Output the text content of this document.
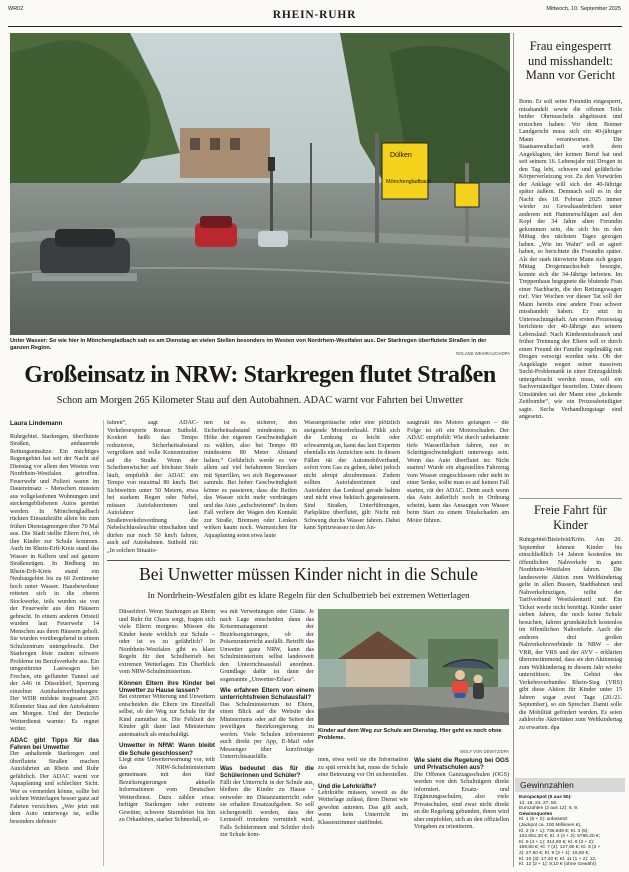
WR02	RHEIN-RUHR	Mittwoch, 10. September 2025
Dülken
Mönchengladbach
Unter Wasser: So wie hier in Mönchengladbach sah es am Dienstag an vielen Stellen besonders im Westen von Nordrhein-Westfalen aus. Der Starkregen überflutete Straßen in der ganzen Region.
ROLAND WEIHRAUCH/DPA
Großeinsatz in NRW: Starkregen flutet Straßen
Schon am Morgen 265 Kilometer Stau auf den Autobahnen. ADAC warnt vor Fahrten bei Unwetter
Laura Lindemann
Ruhrgebiet. Starkregen, überflutete Straßen, andauernde Rettungseinsätze: Ein mächtiges Regengebiet hat seit der Nacht auf Dienstag vor allem den Westen von Nordrhein-Westfalen getroffen. Feuerwehr und Polizei waren im Dauereinsatz – Menschen mussten aus vollgelaufenen Wohnungen und steckengebliebenen Autos gerettet werden. In Mönchengladbach rückten Einsatzkräfte allein bis zum frühen Dienstagmorgen über 70 Mal aus. Die Stadt stellte Eltern frei, ob ihre Kinder zur Schule kommen. Auch im Rhein-Erft-Kreis stand das Wasser in Kellern und auf ganzen Straßenzügen. In Bedburg im Rhein-Erft-Kreis stand ein Neubaugebiet bis zu 60 Zentimeter hoch unter Wasser. Hausbewohner retteten sich in die oberen Stockwerke, teils wurden sie von der Feuerwehr aus den Häusern gebracht. In einem anderen Ortsteil wurden laut Feuerwehr 14 Menschen aus ihren Häusern geholt. Sie wurden vorübergehend in einem Schulzentrum untergebracht. Der Starkregen löste zudem schwere Probleme im Berufsverkehr aus. Ein umgestürzter Lastwagen bei Frechen, ein gefluteter Tunnel auf der A46 in Düsseldorf, Sperrung einzelner Autobahnverbindungen: Der WDR meldete insgesamt 265 Kilometer Stau auf den Autobahnen am Morgen. Und der Deutsche Wetterdienst warnte: Es regnet weiter.
ADAC gibt Tipps für das Fahren bei Unwetter
Der anhaltende Starkregen und überflutete Straßen machen Autofahrten an Rhein und Ruhr gefährlich. Der ADAC warnt vor Aquaplaning und schlechter Sicht. Wer es vermeiden könne, sollte bei solchen Wetterlagen besser ganz auf Fahrten verzichten. „Wer jetzt mit dem Auto unterwegs ist, sollte besonders defensiv
fahren“, sagt ADAC-Verkehrsexperte Roman Suthold. Konkret heißt das: Tempo reduzieren, Sicherheitsabstand vergrößern und volle Konzentration auf die Straße. Wenn der Scheibenwischer auf höchster Stufe läuft, empfiehlt der ADAC ein Tempo von maximal 80 km/h. Bei Sichtweiten unter 50 Metern, etwa bei starkem Regen oder Nebel, müssen Autofahrerinnen und Autofahrer laut Straßenverkehrsordnung die Nebelschlussleuchte einschalten und dürfen nur noch 50 km/h fahren, auch auf Autobahnen. Suthold rät: „In solchen Situatio-
nen ist es sicherer, den Sicherheitsabstand mindestens in Höhe der eigenen Geschwindigkeit zu wählen, also bei Tempo 80 mindestens 80 Meter Abstand halten.“ Gefährlich werde es vor allem auf viel befahrenen Strecken mit Spurrillen, wo sich Regenwasser sammle. Bei hoher Geschwindigkeit könne es passieren, dass die Reifen das Wasser nicht mehr verdrängen und das Auto „aufschwimmt“. In dem Fall verliere der Wagen den Kontakt zur Straße, Bremsen oder Lenken wirken kaum noch. Warnzeichen für Aquaplaning seien etwa laute
Wassergeräusche oder eine plötzlich steigende Motordrehzahl. Fühlt sich die Lenkung zu leicht oder schwammig an, kann das laut Experten ebenfalls ein Anzeichen sein. In diesen Fällen rät der Automobilverband, sofort vom Gas zu gehen, dabei jedoch nicht abrupt abzubremsen. Zudem sollten Autofahrerinnen und Autofahrer das Lenkrad gerade halten und nicht etwa hektisch gegensteuern. Sind Straßen, Unterführungen, Parkplätze überflutet, gilt: Nicht mit Schwung durchs Wasser fahren. Dabei kann Spritzwasser in den An-
saugtrakt des Motors gelangen – die Folge ist oft ein Motorschaden. Der ADAC empfiehlt: Wie durch unbekannte tiefe Wasserflächen fahren, nur in Schrittgeschwindigkeit unterwegs sein. Wenn das Auto überflutet ist: Nicht starten! Wurde ein abgestelltes Fahrzeug vom Wasser eingeschlossen oder steht in einer Senke, sollte man es auf keinen Fall starten, rät der ADAC. Denn auch wenn das Auto äußerlich noch in Ordnung scheint, kann das Ansaugen von Wasser beim Start zu einem Totalschaden am Motor führen.
Bei Unwetter müssen Kinder nicht in die Schule
In Nordrhein-Westfalen gibt es klare Regeln für den Schulbetrieb bei extremen Wetterlagen
Düsseldorf. Wenn Starkregen an Rhein und Ruhr für Chaos sorgt, fragen sich viele Eltern morgens: Müssen die Kinder heute wirklich zur Schule – oder ist es zu gefährlich? In Nordrhein-Westfalen gibt es klare Regeln für den Schulbetrieb bei extremen Wetterlagen. Ein Überblick vom NRW-Schulministerium.
Können Eltern ihre Kinder bei Unwetter zu Hause lassen?
Bei extremer Witterung und Unwettern entscheiden die Eltern im Einzelfall selbst, ob der Weg zur Schule für ihr Kind zumutbar ist. Die Fehlzeit der Kinder gilt dann laut Ministerium automatisch als entschuldigt.
Unwetter in NRW: Wann bleibt die Schule geschlossen?
Liegt eine Unwetterwarnung vor, teilt das NRW-Schulministerium gemeinsam mit den fünf Bezirksregierungen aktuelle Informationen vom Deutschen Wetterdienst. Dazu zählen etwa: heftiger Starkregen oder extreme Gewitter, schwere Sturmböen bis hin zu Orkanböen, starker Schneefall, et-
wa mit Verwehungen oder Glätte. Je nach Lage entscheiden dann das Krisenmanagement der Bezirksregierungen, ob der Präsenzunterricht ausfällt. Betrifft das Unwetter ganz NRW, kann das Schulministerium selbst landesweit den Unterrichtsausfall anordnen. Grundlage dafür ist dann der sogenannte „Unwetter-Erlass“.
Wie erfahren Eltern von einem unterrichtsfreien Schulausfall?
Das Schulministerium ist Eltern, einen Blick auf die Website des Ministeriums oder auf die Seiten der jeweiligen Bezirksregierung zu werfen. Viele Schulen informieren auch direkt per App, E-Mail oder Messenger über kurzfristige Unterrichtsausfälle.
Was bedeutet das für die Schülerinnen und Schüler?
Fällt der Unterricht in der Schule aus, bleiben die Kinder zu Hause – entweder im Distanzunterricht oder sie erhalten Ersatzaufgaben. So soll sichergestellt werden, dass der Lernstoff trotzdem vermittelt wird. Falls Schülerinnen und Schüler doch zur Schule kom-
Kinder auf dem Weg zur Schule am Dienstag. Hier geht es noch ohne Probleme.
WOLF VON DEWITZ/DPA
men, etwa weil sie die Information zu spät erreicht hat, muss die Schule eine Betreuung vor Ort sicherstellen.
Und die Lehrkräfte?
Lehrkräfte müssen, soweit es die Wetterlage zulässt, ihren Dienst wie gewohnt antreten. Das gilt auch, wenn kein Unterricht im Klassenzimmer stattfindet.
Wie sieht die Regelung bei OGS und Privatschulen aus?
Die Offenen Ganztagsschulen (OGS) werden von den Schulträgern direkt informiert. Ersatz- und Ergänzungsschulen, also viele Privatschulen, sind zwar nicht direkt an die Regelung gebunden, ihnen wird aber empfohlen, sich an den offiziellen Vorgaben zu orientieren.
Frau eingesperrt und misshandelt: Mann vor Gericht
Bonn. Er soll seine Freundin eingesperrt, misshandelt sowie die offenen Teile beider Ohrmuscheln abgebissen und erstochen haben: Vor dem Bonner Landgericht muss sich ein 40-jähriger Mann verantworten. Die Staatsanwaltschaft wirft dem Angeklagten, der keinen Beruf hat und seit seinem 16. Lebensjahr mit Drogen in den Tag lebt, schwere und gefährliche Körperverletzung vor. Zu den Vorwürfen der Anklage will sich der 40-Jährige später äußern. Demnach soll es in der Nacht des 18. Februar 2025 immer wieder zu Gewaltausbrüchen unter anderem mit Hammerschlägen auf den Kopf der 34 Jahre alten Freundin gekommen sein, die sich bis in den Mittag des nächsten Tages gezogen haben. „Wie im Wahn“ soll er agiert haben, so berichtete die Freundin später. Als der stark tätowierte Mann sich gegen Mittag Drogennachschub besorgte, konnte sich die 34-Jährige befreien. Im Treppenhaus begegnete die blutende Frau einer Nachbarin, die den Rettungswagen rief. Vier Wochen vor dieser Tat soll der Mann bereits eine andere Frau schwer misshandelt haben. Er sitzt in Untersuchungshaft. Am ersten Prozesstag berichtete der 40-Jährige aus seinem Lebenslauf: Nach Kindesmissbrauch und früher Trennung der Eltern soll er durch einen Freund der Familie regelmäßig mit Drogen versorgt worden sein. Ob der Angeklagte wegen seiner massiven Sucht-Problematik in einer Entzugsklinik untergebracht werden muss, soll ein Sachverständiger beurteilen. Unter diesen Umständen sei der Mann eine „tickende Zeitbombe“, wie ein Prozessbeteiligter sagte. Sechs Verhandlungstage sind angesetzt.
Freie Fahrt für Kinder
Ruhrgebiet/Bielefeld/Köln. Am 20. September können Kinder bis einschließlich 14 Jahren kostenlos im öffentlichen Nahverkehr in ganz Nordrhein-Westfalen fahren. Die landesweite Aktion zum Weltkindertag gelte in allen Bussen, Stadtbahnen und Nahverkehrszügen, teilte der Tarifverbund Westfalentarif mit. Ein Ticket werde nicht benötigt. Kinder unter sieben Jahren, die noch keine Schule besuchen, fahren grundsätzlich kostenlos im öffentlichen Nahverkehr. Auch die anderen drei großen Nahverkehrsverbünde in NRW – der VRR, der VRS und der AVV – erklärten übereinstimmend, dass sie den Aktionstag zum Weltkindertag in diesem Jahr wieder unterstützen. Im Gebiet des Verkehrsverbundes Rhein-Sieg (VRS) gibt diese Aktion für Kinder unter 15 Jahren sogar zwei Tage (20./21. September), so ein Sprecher. Damit solle die Mobilität gefördert werden. Es seien zahlreiche Aktivitäten zum Weltkindertag zu erwarten. dpa
Gewinnzahlen
Eurojackpot (5 aus 50):
14, 18, 24, 27, 50.
Eurozahlen (2 aus 12): 8, 9.
Gewinnquoten
Kl. 1 (5 + 2): unbesetzt
(Jackpot ca. 100 Millionen €),
Kl. 2 (5 + 1): 736.848 €; Kl. 3 (5):
102.691,30 €; Kl. 4 (4 + 2): 5796,20 €;
Kl. 5 (4 + 1): 314,60 €; Kl. 6 (3 + 2):
169,50 €; Kl. 7 (4): 127,90 €; Kl. 8 (2 +
2): 27,50 €; Kl. 9 (3 + 1): 19,50 €;
Kl. 10 (3): 17,40 €; Kl. 11 (1 + 2): 12,
Kl. 12 (2 + 1): 9,10 € (ohne Gewähr)
